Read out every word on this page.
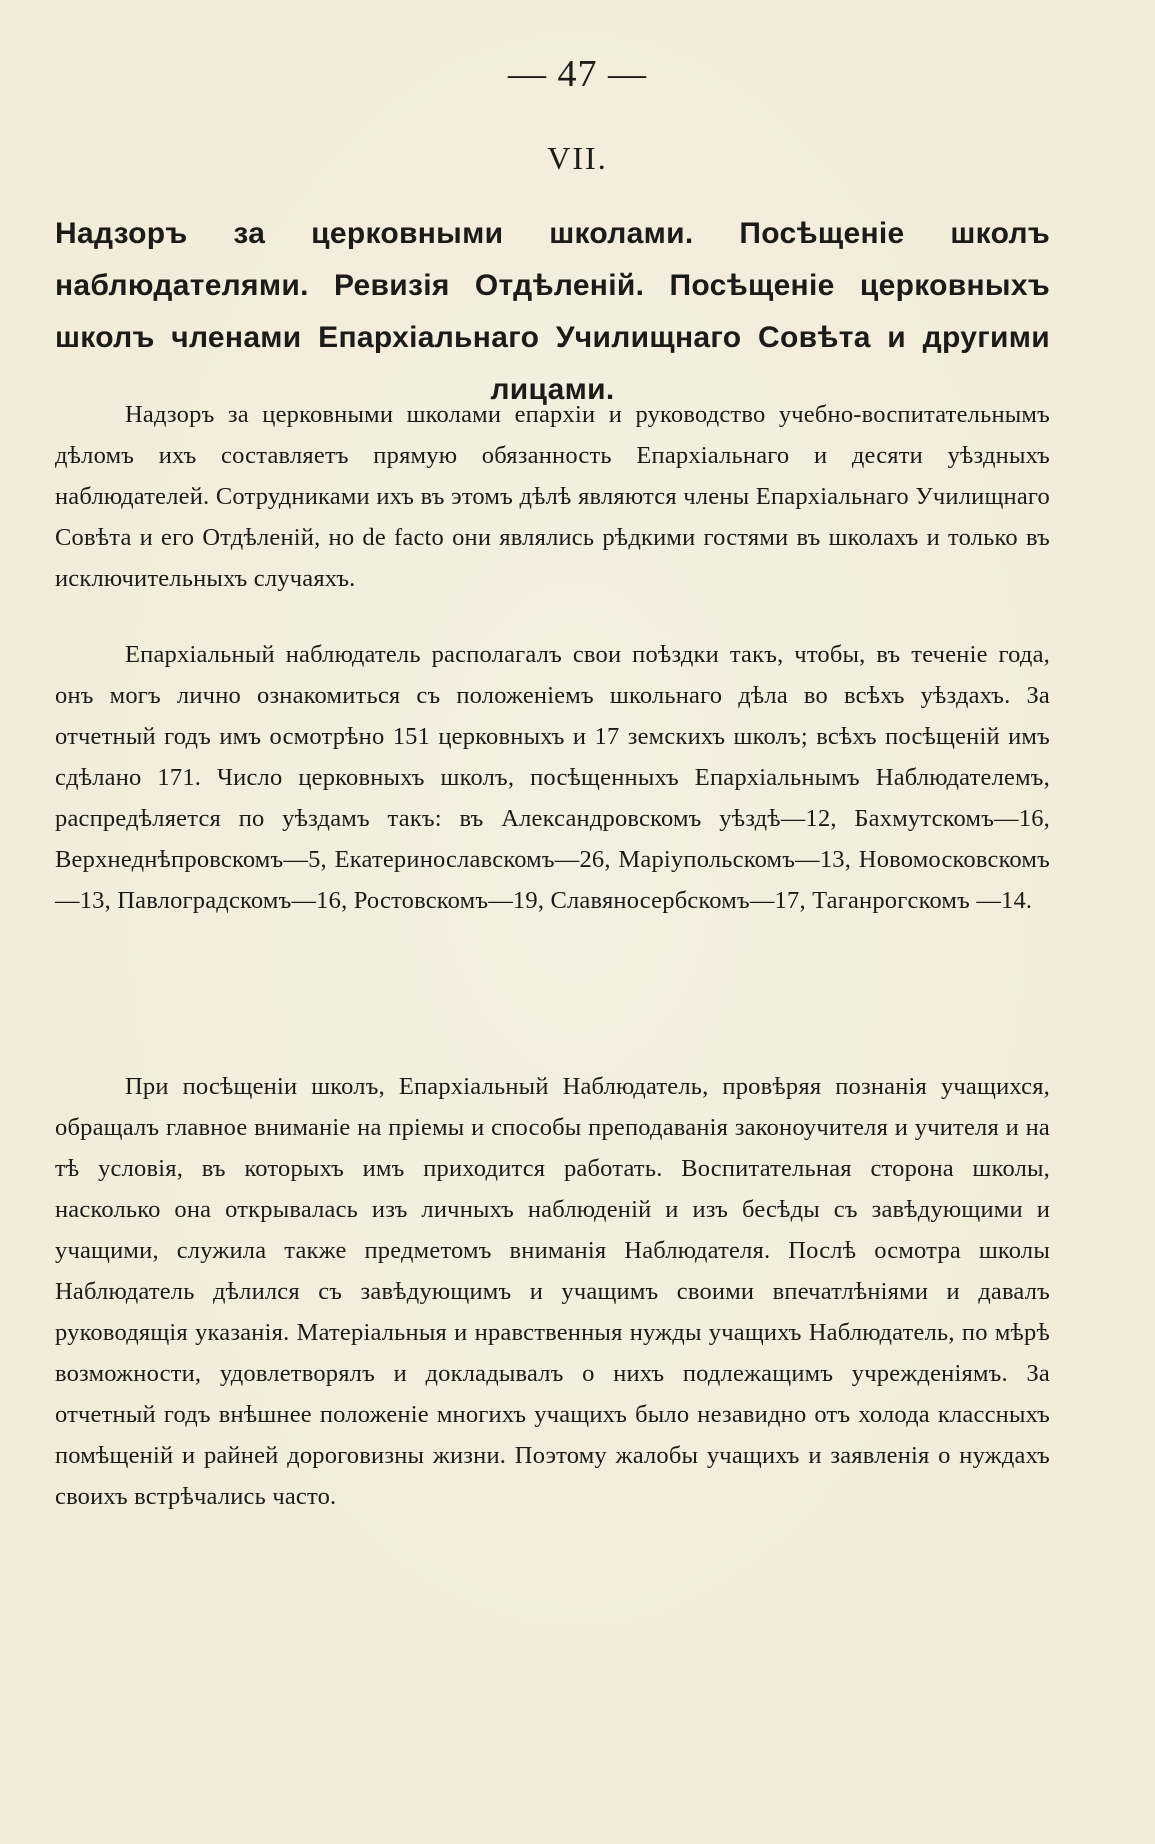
— 47 —
VII.
Надзоръ за церковными школами. Посѣщеніе школъ наблюдателями. Ревизія Отдѣленій. Посѣщеніе церковныхъ школъ членами Епархіальнаго Училищнаго Совѣта и другими лицами.

Надзоръ за церковными школами епархіи и руководство учебно-воспитательнымъ дѣломъ ихъ составляетъ прямую обязанность Епархіальнаго и десяти уѣздныхъ наблюдателей. Сотрудниками ихъ въ этомъ дѣлѣ являются члены Епархіальнаго Училищнаго Совѣта и его Отдѣленій, но de facto они являлись рѣдкими гостями въ школахъ и только въ исключительныхъ случаяхъ.

Епархіальный наблюдатель располагалъ свои поѣздки такъ, чтобы, въ теченіе года, онъ могъ лично ознакомиться съ положеніемъ школьнаго дѣла во всѣхъ уѣздахъ. За отчетный годъ имъ осмотрѣно 151 церковныхъ и 17 земскихъ школъ; всѣхъ посѣщеній имъ сдѣлано 171. Число церковныхъ школъ, посѣщенныхъ Епархіальнымъ Наблюдателемъ, распредѣляется по уѣздамъ такъ: въ Александровскомъ уѣздѣ—12, Бахмутскомъ—16, Верхнеднѣпровскомъ—5, Екатеринославскомъ—26, Маріупольскомъ—13, Новомосковскомъ—13, Павлоградскомъ—16, Ростовскомъ—19, Славяносербскомъ—17, Таганрогскомъ —14.

При посѣщеніи школъ, Епархіальный Наблюдатель, провѣряя познанія учащихся, обращалъ главное вниманіе на пріемы и способы преподаванія законоучителя и учителя и на тѣ условія, въ которыхъ имъ приходится работать. Воспитательная сторона школы, насколько она открывалась изъ личныхъ наблюденій и изъ бесѣды съ завѣдующими и учащими, служила также предметомъ вниманія Наблюдателя. Послѣ осмотра школы Наблюдатель дѣлился съ завѣдующимъ и учащимъ своими впечатлѣніями и давалъ руководящія указанія. Матеріальныя и нравственныя нужды учащихъ Наблюдатель, по мѣрѣ возможности, удовлетворялъ и докладывалъ о нихъ подлежащимъ учрежденіямъ. За отчетный годъ внѣшнее положеніе многихъ учащихъ было незавидно отъ холода классныхъ помѣщеній и райней дороговизны жизни. Поэтому жалобы учащихъ и заявленія о нуждахъ своихъ встрѣчались часто.
